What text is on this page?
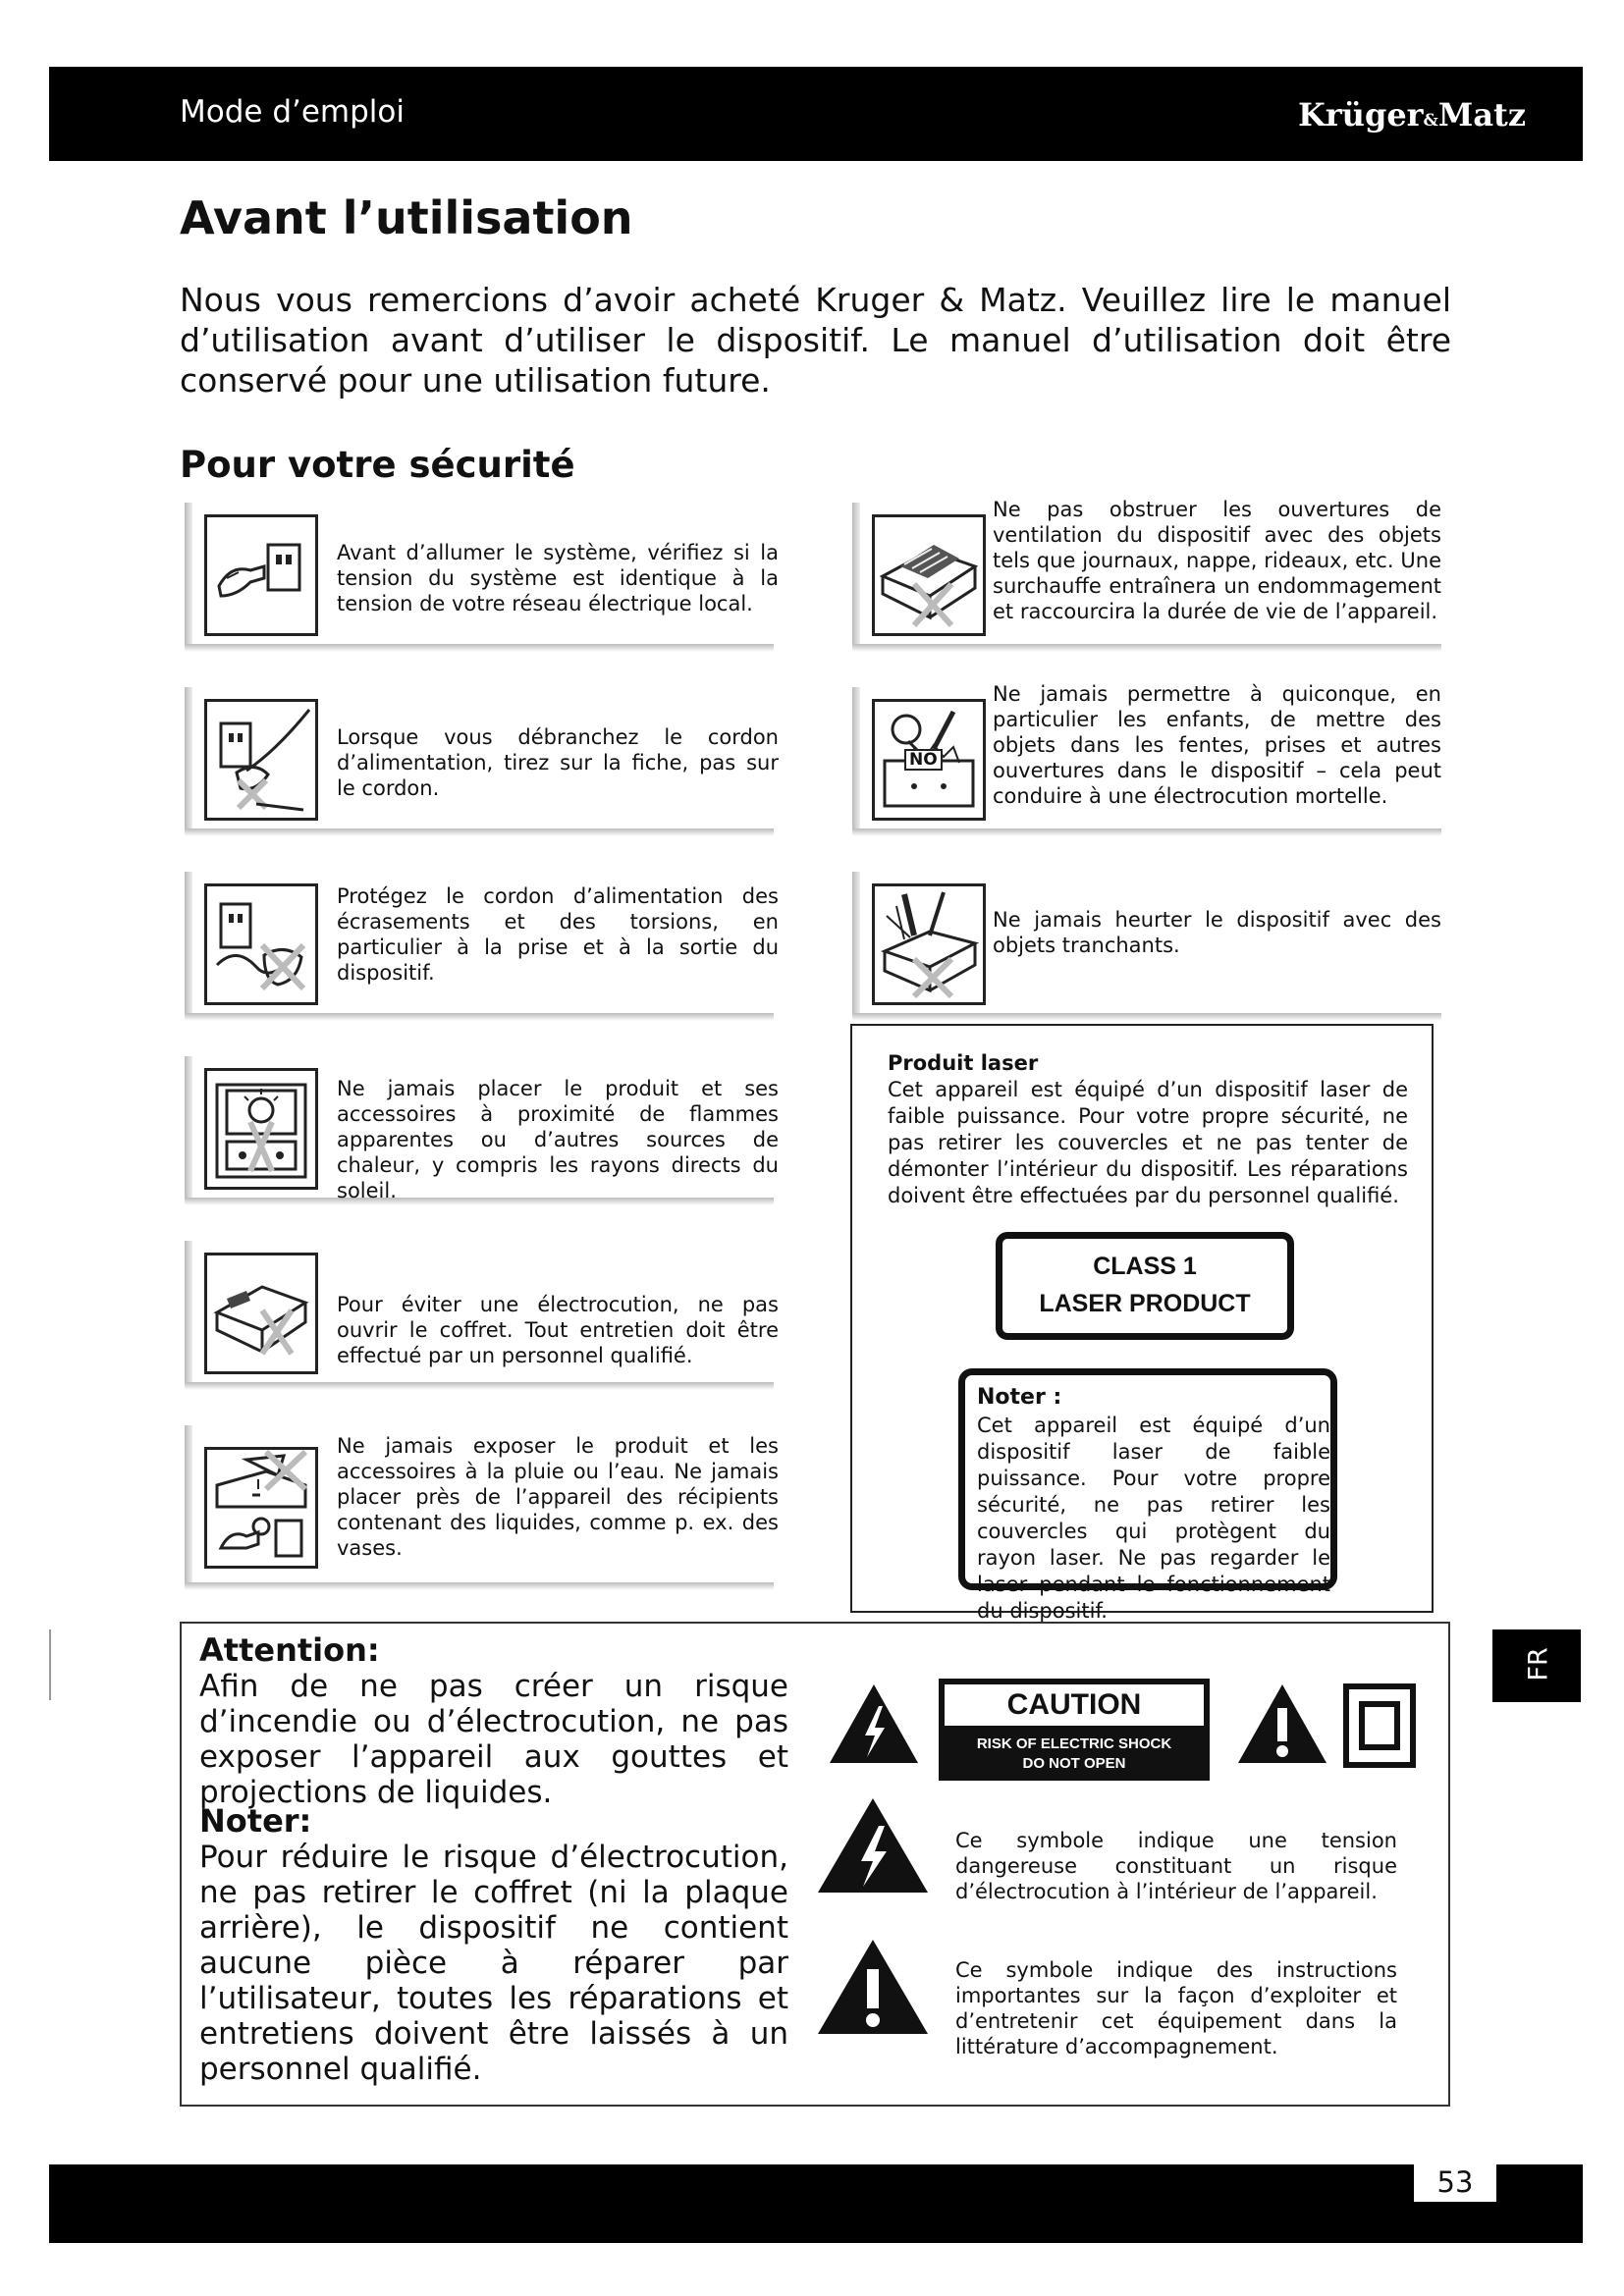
Mode d’emploi	Krüger&Matz
Avant l’utilisation
Nous vous remercions d’avoir acheté Kruger & Matz. Veuillez lire le manuel d’utilisation avant d’utiliser le dispositif. Le manuel d’utilisation doit être conservé pour une utilisation future.
Pour votre sécurité
Avant d’allumer le système, vérifiez si la tension du système est identique à la tension de votre réseau électrique local.
Lorsque vous débranchez le cordon d’alimentation, tirez sur la fiche, pas sur le cordon.
Protégez le cordon d’alimentation des écrasements et des torsions, en particulier à la prise et à la sortie du dispositif.
Ne jamais placer le produit et ses accessoires à proximité de flammes apparentes ou d’autres sources de chaleur, y compris les rayons directs du soleil.
Pour éviter une électrocution, ne pas ouvrir le coffret. Tout entretien doit être effectué par un personnel qualifié.
Ne jamais exposer le produit et les accessoires à la pluie ou l’eau. Ne jamais placer près de l’appareil des récipients contenant des liquides, comme p. ex. des vases.
Ne pas obstruer les ouvertures de ventilation du dispositif avec des objets tels que journaux, nappe, rideaux, etc. Une surchauffe entraînera un endommagement et raccourcira la durée de vie de l’appareil.
NO
Ne jamais permettre à quiconque, en particulier les enfants, de mettre des objets dans les fentes, prises et autres ouvertures dans le dispositif – cela peut conduire à une électrocution mortelle.
Ne jamais heurter le dispositif avec des objets tranchants.
Produit laser
Cet appareil est équipé d’un dispositif laser de faible puissance. Pour votre propre sécurité, ne pas retirer les couvercles et ne pas tenter de démonter l’intérieur du dispositif. Les réparations doivent être effectuées par du personnel qualifié.
CLASS 1
LASER PRODUCT
Noter :
Cet appareil est équipé d’un dispositif laser de faible puissance. Pour votre propre sécurité, ne pas retirer les couvercles qui protègent du rayon laser. Ne pas regarder le laser pendant le fonctionnement du dispositif.
Attention:
Afin de ne pas créer un risque d’incendie ou d’électrocution, ne pas exposer l’appareil aux gouttes et projections de liquides.
Noter:
Pour réduire le risque d’électrocution, ne pas retirer le coffret (ni la plaque arrière), le dispositif ne contient aucune pièce à réparer par l’utilisateur, toutes les réparations et entretiens doivent être laissés à un personnel qualifié.
CAUTION
RISK OF ELECTRIC SHOCK
DO NOT OPEN
Ce symbole indique une tension dangereuse constituant un risque d’électrocution à l’intérieur de l’appareil.
Ce symbole indique des instructions importantes sur la façon d’exploiter et d’entretenir cet équipement dans la littérature d’accompagnement.
FR
53
